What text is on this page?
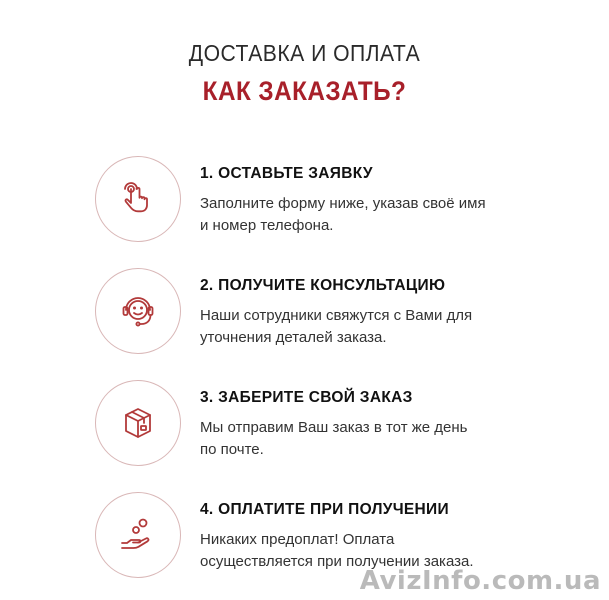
ДОСТАВКА И ОПЛАТА
КАК ЗАКАЗАТЬ?
1. ОСТАВЬТЕ ЗАЯВКУ
Заполните форму ниже, указав своё имя
и номер телефона.
2. ПОЛУЧИТЕ КОНСУЛЬТАЦИЮ
Наши сотрудники свяжутся с Вами для
уточнения деталей заказа.
3. ЗАБЕРИТЕ СВОЙ ЗАКАЗ
Мы отправим Ваш заказ в тот же день
по почте.
4. ОПЛАТИТЕ ПРИ ПОЛУЧЕНИИ
Никаких предоплат! Оплата
осуществляется при получении заказа.
AvizInfo.com.ua
